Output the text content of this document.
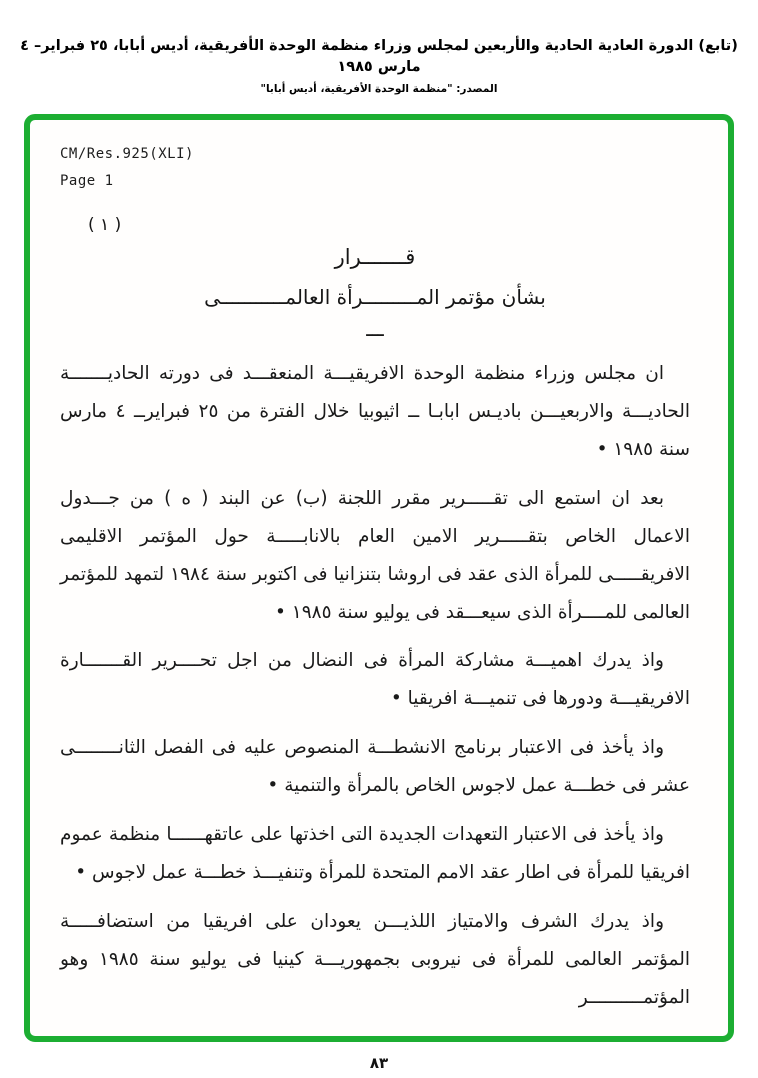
(تابع) الدورة العادية الحادية والأربعين لمجلس وزراء منظمة الوحدة الأفريقية، أديس أبابا، ٢٥ فبراير– ٤ مارس ١٩٨٥
المصدر: "منظمة الوحدة الأفريقية، أديس أبابا"
CM/Res.925(XLI)
Page 1
( ١ )
قـــــــرار
بشأن مؤتمر المـــــــــرأة العالمـــــــــــى
ـــ

ان مجلس وزراء منظمة الوحدة الافريقيـــة المنعقـــد فى دورته الحاديـــــــة الحاديـــة والاربعيـــن باديـس ابابـا ــ اثيوبيا خلال الفترة من ٢٥ فبرايرــ ٤ مارس سنة ١٩٨٥ •

بعد ان استمع الى تقـــــرير مقرر اللجنة (ب) عن البند ( ه ) من جـــدول الاعمال الخاص بتقـــــرير الامين العام بالانابـــــة حول المؤتمر الاقليمى الافريقـــــى للمرأة الذى عقد فى اروشا بتنزانيا فى اكتوبر سنة ١٩٨٤ لتمهد للمؤتمر العالمى للمــــرأة الذى سيعـــقد فى يوليو سنة ١٩٨٥ •

واذ يدرك اهميـــة مشاركة المرأة فى النضال من اجل تحــــرير القـــــــارة الافريقيـــة ودورها فى تنميـــة افريقيا •

واذ يأخذ فى الاعتبار برنامج الانشطـــة المنصوص عليه فى الفصل الثانــــــــى عشر فى خطـــة عمل لاجوس الخاص بالمرأة والتنمية •

واذ يأخذ فى الاعتبار التعهدات الجديدة التى اخذتها على عاتقهــــــا منظمة عموم افريقيا للمرأة فى اطار عقد الامم المتحدة للمرأة وتنفيـــذ خطـــة عمل لاجوس •

واذ يدرك الشرف والامتياز اللذيـــن يعودان على افريقيا من استضافـــــة المؤتمر العالمى للمرأة فى نيروبى بجمهوريـــة كينيا فى يوليو سنة ١٩٨٥ وهو المؤتمــــــــــر

٨٣
